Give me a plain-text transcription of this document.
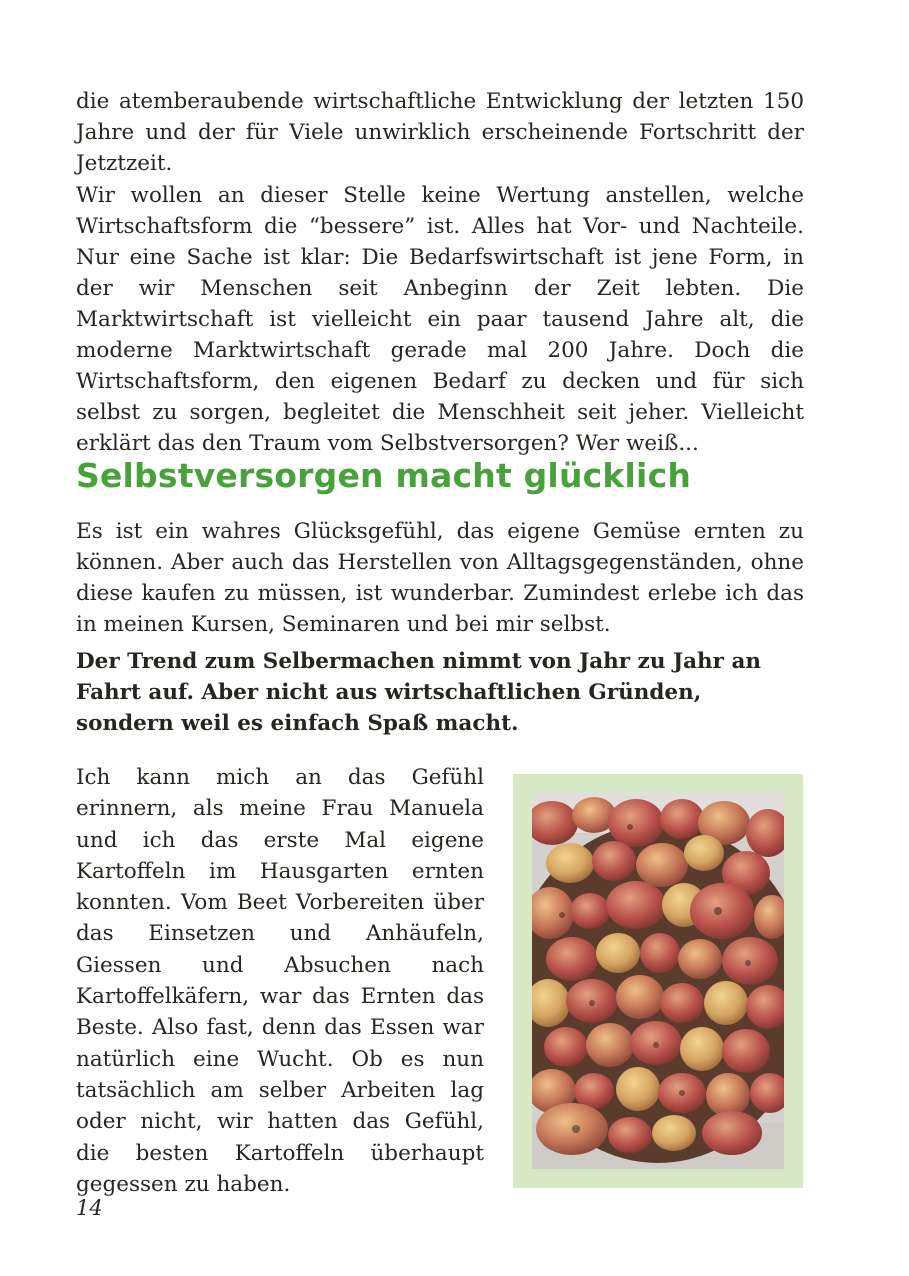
die atemberaubende wirtschaftliche Entwicklung der letzten 150 Jahre und der für Viele unwirklich erscheinende Fortschritt der Jetztzeit.

Wir wollen an dieser Stelle keine Wertung anstellen, welche Wirtschaftsform die “bessere” ist. Alles hat Vor- und Nachteile. Nur eine Sache ist klar: Die Bedarfswirtschaft ist jene Form, in der wir Menschen seit Anbeginn der Zeit lebten. Die Marktwirtschaft ist vielleicht ein paar tausend Jahre alt, die moderne Marktwirtschaft gerade mal 200 Jahre. Doch die Wirtschaftsform, den eigenen Bedarf zu decken und für sich selbst zu sorgen, begleitet die Menschheit seit jeher. Vielleicht erklärt das den Traum vom Selbstversorgen? Wer weiß...

Selbstversorgen macht glücklich

Es ist ein wahres Glücksgefühl, das eigene Gemüse ernten zu können. Aber auch das Herstellen von Alltagsgegenständen, ohne diese kaufen zu müssen, ist wunderbar. Zumindest erlebe ich das in meinen Kursen, Seminaren und bei mir selbst.

Der Trend zum Selbermachen nimmt von Jahr zu Jahr an Fahrt auf. Aber nicht aus wirtschaftlichen Gründen, sondern weil es einfach Spaß macht.

Ich kann mich an das Gefühl erinnern, als meine Frau Manuela und ich das erste Mal eigene Kartoffeln im Hausgarten ernten konnten. Vom Beet Vorbereiten über das Einsetzen und Anhäufeln, Giessen und Absuchen nach Kartoffelkäfern, war das Ernten das Beste. Also fast, denn das Essen war natürlich eine Wucht. Ob es nun tatsächlich am selber Arbeiten lag oder nicht, wir hatten das Gefühl, die besten Kartoffeln überhaupt gegessen zu haben.

14
